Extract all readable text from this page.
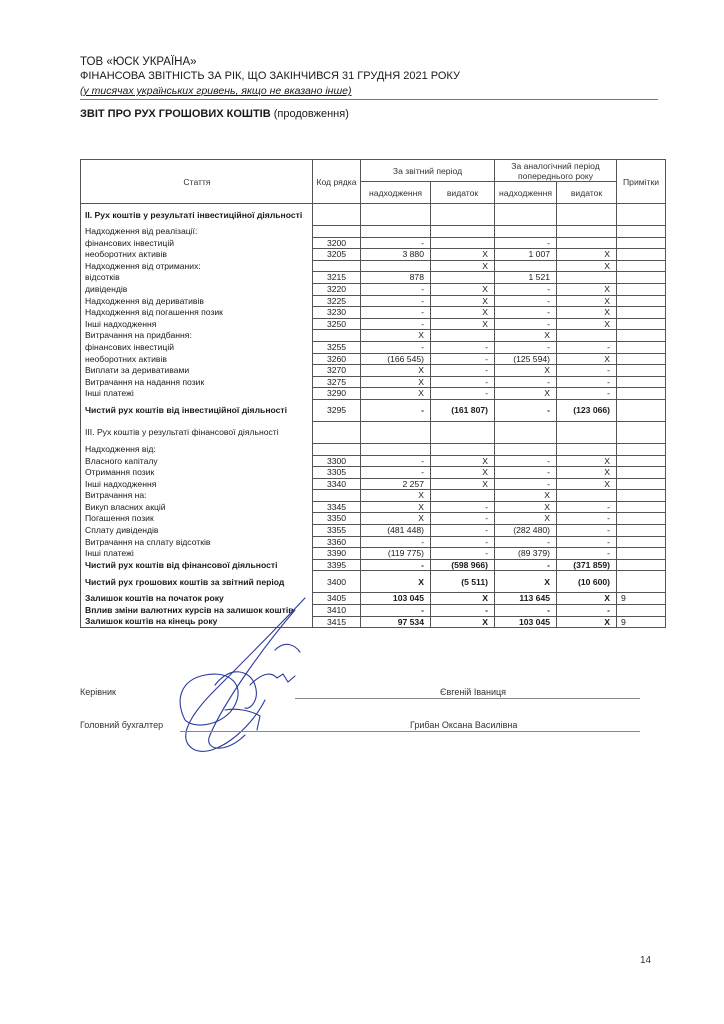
ТОВ «ЮСК УКРАЇНА»
ФІНАНСОВА ЗВІТНІСТЬ ЗА РІК, ЩО ЗАКІНЧИВСЯ 31 ГРУДНЯ 2021 РОКУ
(у тисячах українських гривень, якщо не вказано інше)
ЗВІТ ПРО РУХ ГРОШОВИХ КОШТІВ (продовження)
Стаття	Код рядка	За звітний період		За аналогічний період попереднього року		Примітки
		надходження	видаток	надходження	видаток	
II. Рух коштів у результаті інвестиційної діяльності						
Надходження від реалізації:						
фінансових інвестицій	3200	-		-		
необоротних активів	3205	3 880	X	1 007	X	
Надходження від отриманих:			X		X	
відсотків	3215	878		1 521		
дивідендів	3220	-	X	-	X	
Надходження від деривативів	3225	-	X	-	X	
Надходження від погашення позик	3230	-	X	-	X	
Інші надходження	3250	-	X	-	X	
Витрачання на придбання:		X		X		
фінансових інвестицій	3255	-	-	-	-	
необоротних активів	3260	(166 545)	-	(125 594)	X	
Виплати за деривативами	3270	X	-	X	-	
Витрачання на надання позик	3275	X	-	-	-	
Інші платежі	3290	X	-	X	-	
Чистий рух коштів від інвестиційної діяльності	3295	-	(161 807)	-	(123 066)	
III. Рух коштів у результаті фінансової діяльності						
Надходження від:						
Власного капіталу	3300	-	X	-	X	
Отримання позик	3305	-	X	-	X	
Інші надходження	3340	2 257	X	-	X	
Витрачання на:		X		X		
Викуп власних акцій	3345	X	-	X	-	
Погашення позик	3350	X	-	X	-	
Сплату дивідендів	3355	(481 448)	-	(282 480)	-	
Витрачання на сплату відсотків	3360	-	-	-	-	
Інші платежі	3390	(119 775)	-	(89 379)	-	
Чистий рух коштів від фінансової діяльності	3395	-	(598 966)	-	(371 859)	
Чистий рух грошових коштів за звітний період	3400	X	(5 511)	X	(10 600)	
Залишок коштів на початок року	3405	103 045	X	113 645	X	9
Вплив зміни валютних курсів на залишок коштів	3410	-	-	-	-	
Залишок коштів на кінець року	3415	97 534	X	103 045	X	9
Керівник	Євгеній Іваниця
Головний бухгалтер	Грибан Оксана Василівна
14
